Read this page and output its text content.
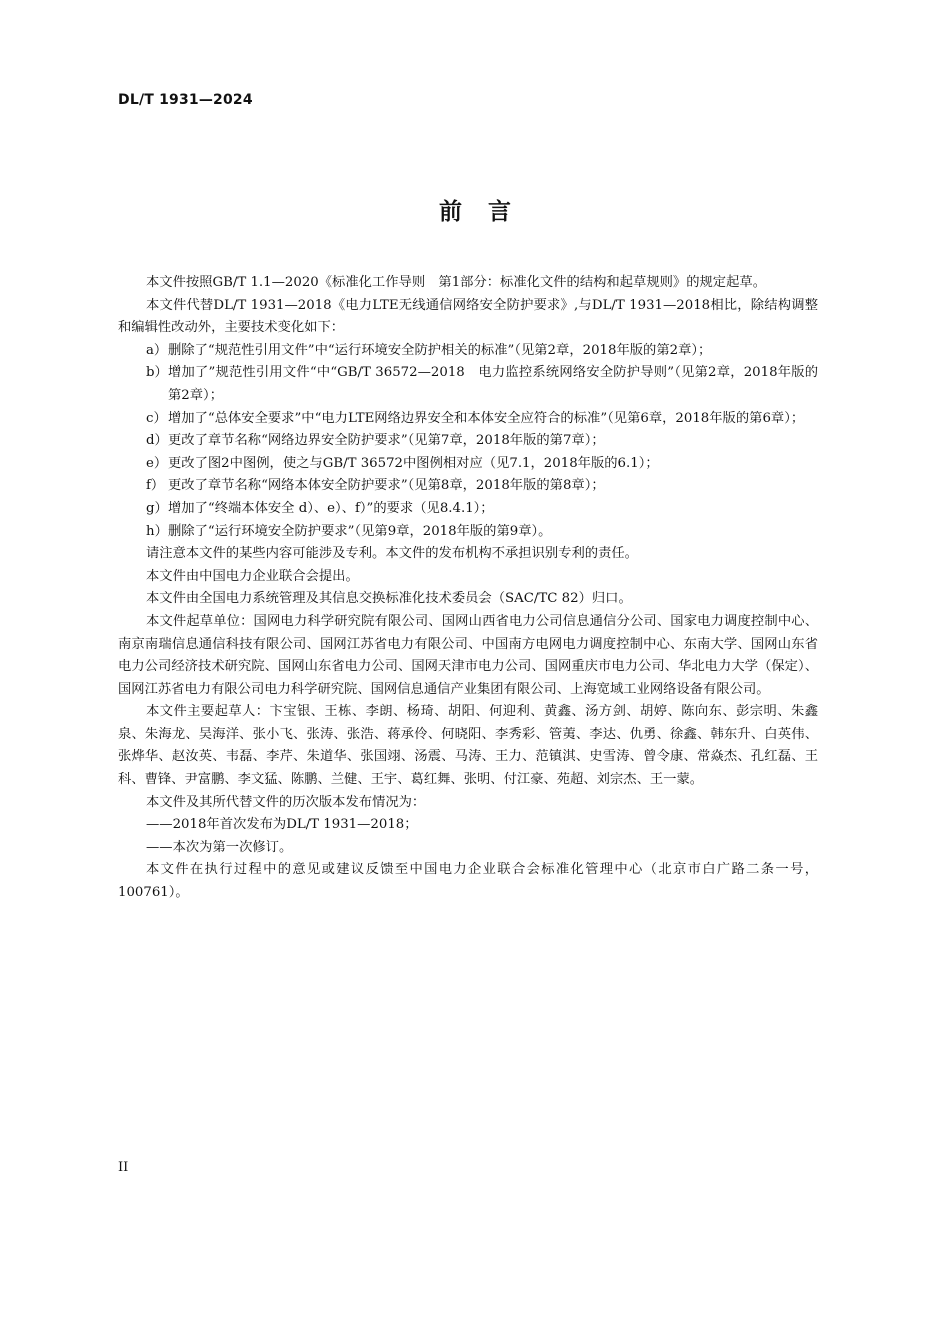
DL/T 1931—2024
前言

本文件按照GB/T 1.1—2020《标准化工作导则　第1部分：标准化文件的结构和起草规则》的规定起草。

本文件代替DL/T 1931—2018《电力LTE无线通信网络安全防护要求》,与DL/T 1931—2018相比，除结构调整和编辑性改动外，主要技术变化如下：

a） 删除了“规范性引用文件”中“运行环境安全防护相关的标准”（见第2章，2018年版的第2章）；
b） 增加了”规范性引用文件“中“GB/T 36572—2018　电力监控系统网络安全防护导则”（见第2章，2018年版的第2章）；
c） 增加了“总体安全要求”中“电力LTE网络边界安全和本体安全应符合的标准”（见第6章，2018年版的第6章）；
d） 更改了章节名称“网络边界安全防护要求”（见第7章，2018年版的第7章）；
e） 更改了图2中图例，使之与GB/T 36572中图例相对应（见7.1，2018年版的6.1）；
f） 更改了章节名称“网络本体安全防护要求”（见第8章，2018年版的第8章）；
g） 增加了“终端本体安全 d）、e）、f）”的要求（见8.4.1）；
h） 删除了“运行环境安全防护要求”（见第9章，2018年版的第9章）。

请注意本文件的某些内容可能涉及专利。本文件的发布机构不承担识别专利的责任。

本文件由中国电力企业联合会提出。

本文件由全国电力系统管理及其信息交换标准化技术委员会（SAC/TC 82）归口。

本文件起草单位：国网电力科学研究院有限公司、国网山西省电力公司信息通信分公司、国家电力调度控制中心、南京南瑞信息通信科技有限公司、国网江苏省电力有限公司、中国南方电网电力调度控制中心、东南大学、国网山东省电力公司经济技术研究院、国网山东省电力公司、国网天津市电力公司、国网重庆市电力公司、华北电力大学（保定）、国网江苏省电力有限公司电力科学研究院、国网信息通信产业集团有限公司、上海宽域工业网络设备有限公司。

本文件主要起草人：卞宝银、王栋、李朗、杨琦、胡阳、何迎利、黄鑫、汤方剑、胡婷、陈向东、彭宗明、朱鑫泉、朱海龙、吴海洋、张小飞、张涛、张浩、蒋承伶、何晓阳、李秀彩、管荑、李达、仇勇、徐鑫、韩东升、白英伟、张烨华、赵汝英、韦磊、李芹、朱道华、张国翊、汤震、马涛、王力、范镇淇、史雪涛、曾令康、常焱杰、孔红磊、王科、曹锋、尹富鹏、李文猛、陈鹏、兰健、王宇、葛红舞、张明、付江豪、苑超、刘宗杰、王一蒙。

本文件及其所代替文件的历次版本发布情况为：

——2018年首次发布为DL/T 1931—2018；

——本次为第一次修订。

本文件在执行过程中的意见或建议反馈至中国电力企业联合会标准化管理中心（北京市白广路二条一号，100761）。

II
